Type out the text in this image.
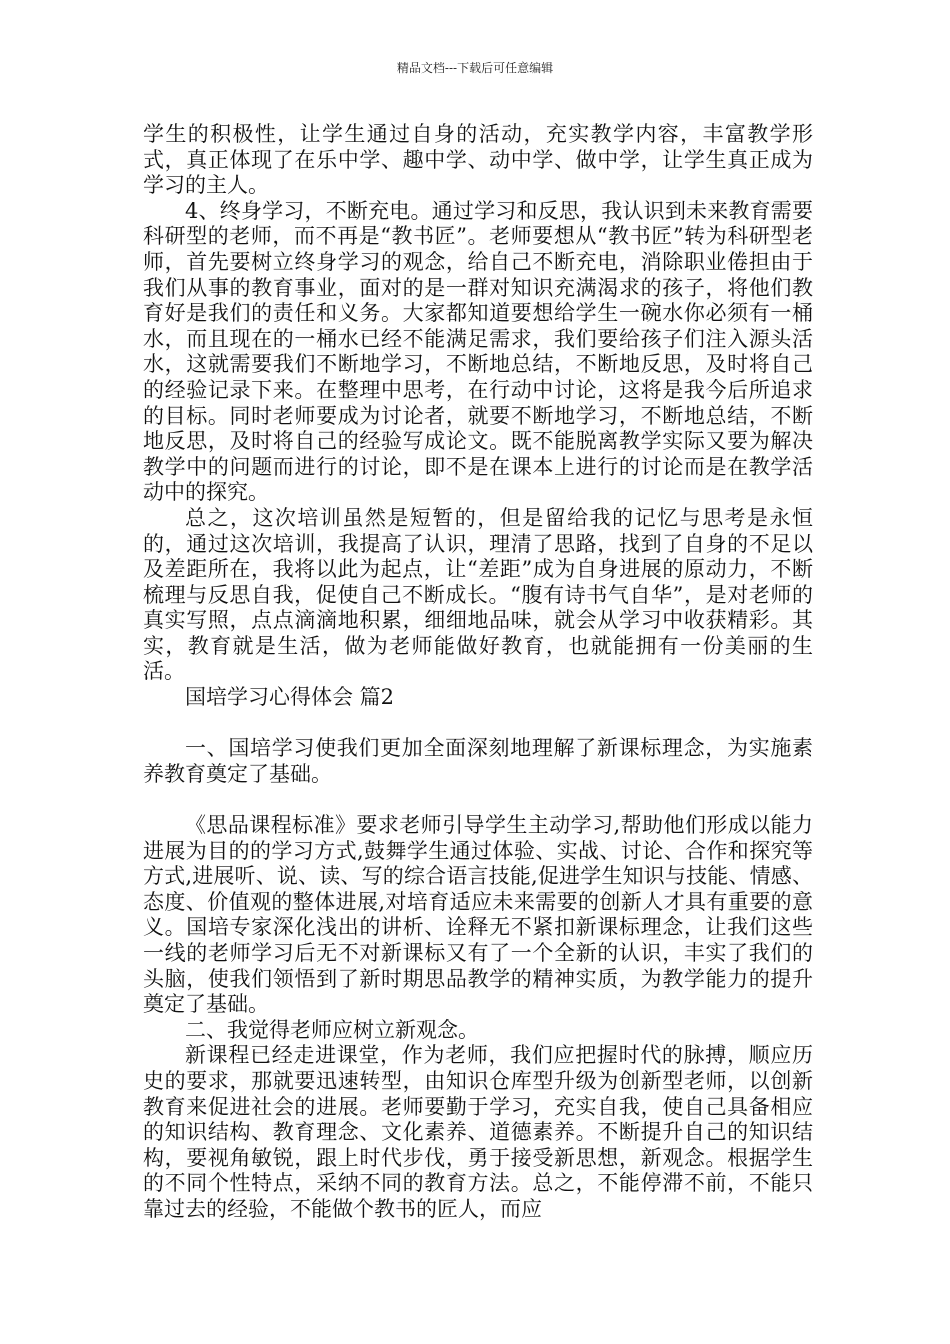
精品文档---下载后可任意编辑

学生的积极性，让学生通过自身的活动，充实教学内容，丰富教学形式，真正体现了在乐中学、趣中学、动中学、做中学，让学生真正成为学习的主人。

4、终身学习，不断充电。通过学习和反思，我认识到未来教育需要科研型的老师，而不再是“教书匠”。老师要想从“教书匠”转为科研型老师，首先要树立终身学习的观念，给自己不断充电，消除职业倦担由于我们从事的教育事业，面对的是一群对知识充满渴求的孩子，将他们教育好是我们的责任和义务。大家都知道要想给学生一碗水你必须有一桶水，而且现在的一桶水已经不能满足需求，我们要给孩子们注入源头活水，这就需要我们不断地学习，不断地总结，不断地反思，及时将自己的经验记录下来。在整理中思考，在行动中讨论，这将是我今后所追求的目标。同时老师要成为讨论者，就要不断地学习，不断地总结，不断地反思，及时将自己的经验写成论文。既不能脱离教学实际又要为解决教学中的问题而进行的讨论，即不是在课本上进行的讨论而是在教学活动中的探究。

总之，这次培训虽然是短暂的，但是留给我的记忆与思考是永恒的，通过这次培训，我提高了认识，理清了思路，找到了自身的不足以及差距所在，我将以此为起点，让“差距”成为自身进展的原动力，不断梳理与反思自我，促使自己不断成长。“腹有诗书气自华”，是对老师的真实写照，点点滴滴地积累，细细地品味，就会从学习中收获精彩。其实，教育就是生活，做为老师能做好教育，也就能拥有一份美丽的生活。

国培学习心得体会 篇2

一、国培学习使我们更加全面深刻地理解了新课标理念，为实施素养教育奠定了基础。

《思品课程标准》要求老师引导学生主动学习,帮助他们形成以能力进展为目的的学习方式,鼓舞学生通过体验、实战、讨论、合作和探究等方式,进展听、说、读、写的综合语言技能,促进学生知识与技能、情感、态度、价值观的整体进展,对培育适应未来需要的创新人才具有重要的意义。国培专家深化浅出的讲析、诠释无不紧扣新课标理念，让我们这些一线的老师学习后无不对新课标又有了一个全新的认识，丰实了我们的头脑，使我们领悟到了新时期思品教学的精神实质，为教学能力的提升奠定了基础。

二、我觉得老师应树立新观念。

新课程已经走进课堂，作为老师，我们应把握时代的脉搏，顺应历史的要求，那就要迅速转型，由知识仓库型升级为创新型老师，以创新教育来促进社会的进展。老师要勤于学习，充实自我，使自己具备相应的知识结构、教育理念、文化素养、道德素养。不断提升自己的知识结构，要视角敏锐，跟上时代步伐，勇于接受新思想，新观念。根据学生的不同个性特点，采纳不同的教育方法。总之，不能停滞不前，不能只靠过去的经验，不能做个教书的匠人，而应
